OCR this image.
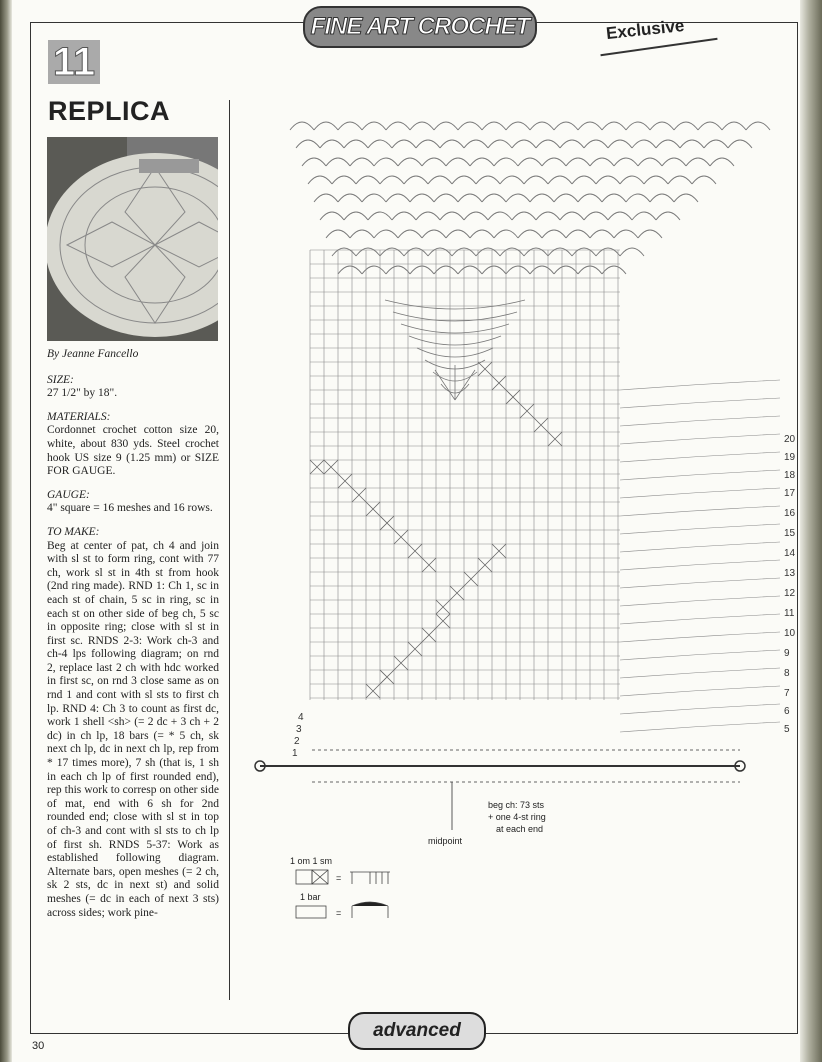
FINE ART CROCHET	Exclusive
11
REPLICA
By Jeanne Fancello
SIZE:

27 1/2" by 18".

MATERIALS:

Cordonnet crochet cotton size 20, white, about 830 yds. Steel crochet hook US size 9 (1.25 mm) or SIZE FOR GAUGE.

GAUGE:

4" square = 16 meshes and 16 rows.

TO MAKE:

Beg at center of pat, ch 4 and join with sl st to form ring, cont with 77 ch, work sl st in 4th st from hook (2nd ring made). RND 1: Ch 1, sc in each st of chain, 5 sc in ring, sc in each st on other side of beg ch, 5 sc in opposite ring; close with sl st in first sc. RNDS 2-3: Work ch-3 and ch-4 lps following diagram; on rnd 2, replace last 2 ch with hdc worked in first sc, on rnd 3 close same as on rnd 1 and cont with sl sts to first ch lp. RND 4: Ch 3 to count as first dc, work 1 shell <sh> (= 2 dc + 3 ch + 2 dc) in ch lp, 18 bars (= * 5 ch, sk next ch lp, dc in next ch lp, rep from * 17 times more), 7 sh (that is, 1 sh in each ch lp of first rounded end), rep this work to corresp on other side of mat, end with 6 sh for 2nd rounded end; close with sl st in top of ch-3 and cont with sl sts to ch lp of first sh. RNDS 5-37: Work as established following diagram. Alternate bars, open meshes (= 2 ch, sk 2 sts, dc in next st) and solid meshes (= dc in each of next 3 sts) across sides; work pine-

midpoint
beg ch: 73 sts
+ one 4-st ring
at each end
4
3
2
1
20
19
18
17
16
15
14
13
12
11
10
9
8
7
6
5
1 om 1 sm
=
1 bar
=
advanced
30
